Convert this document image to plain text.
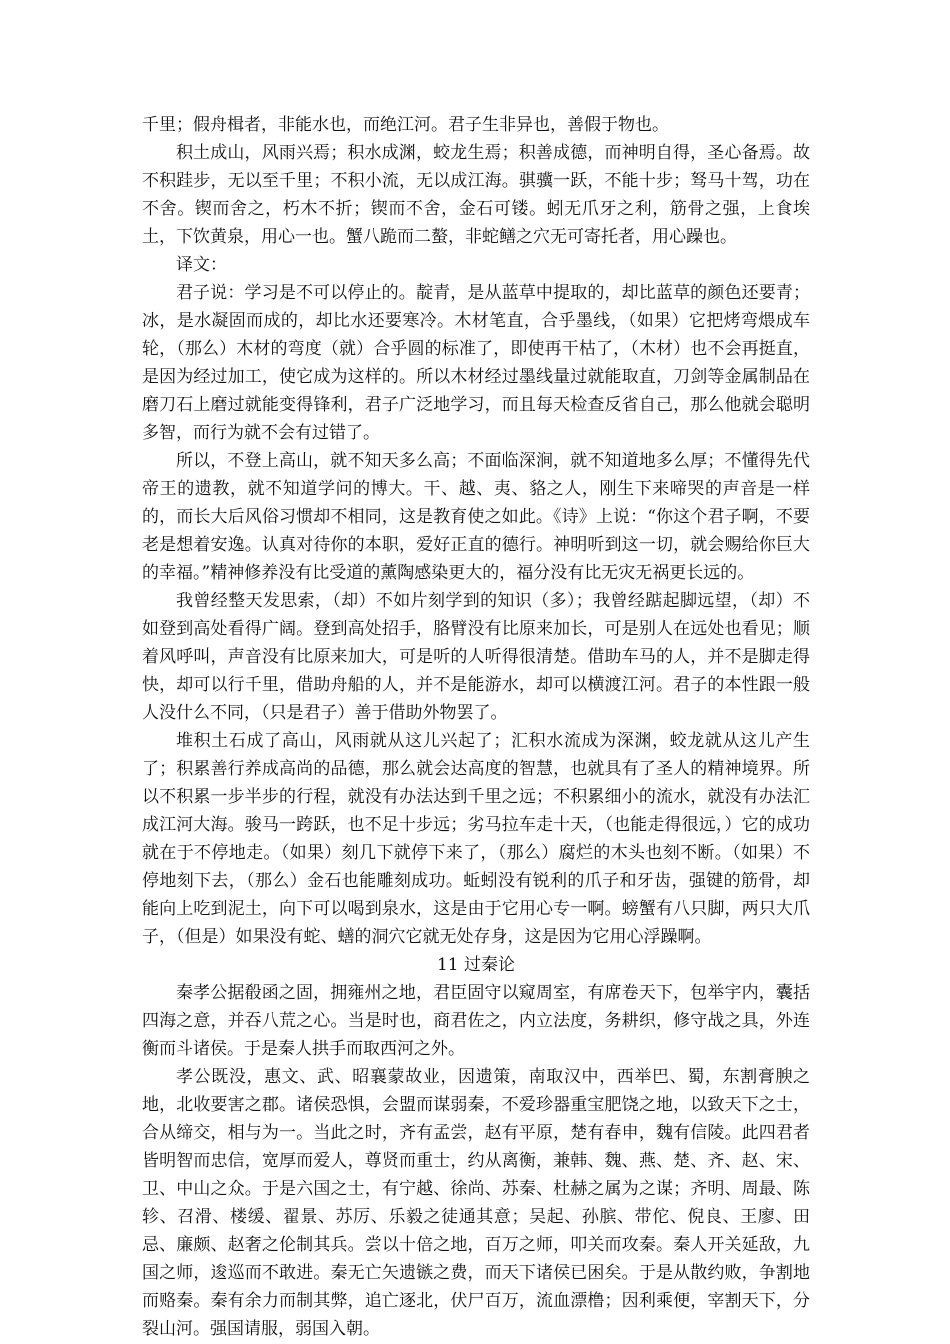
千里；假舟楫者，非能水也，而绝江河。君子生非异也，善假于物也。

积土成山，风雨兴焉；积水成渊，蛟龙生焉；积善成德，而神明自得，圣心备焉。故不积跬步，无以至千里；不积小流，无以成江海。骐骥一跃，不能十步；驽马十驾，功在不舍。锲而舍之，朽木不折；锲而不舍，金石可镂。蚓无爪牙之利，筋骨之强，上食埃土，下饮黄泉，用心一也。蟹八跪而二螯，非蛇鳝之穴无可寄托者，用心躁也。

译文：

君子说：学习是不可以停止的。靛青，是从蓝草中提取的，却比蓝草的颜色还要青；冰，是水凝固而成的，却比水还要寒冷。木材笔直，合乎墨线，（如果）它把烤弯煨成车轮，（那么）木材的弯度（就）合乎圆的标准了，即使再干枯了，（木材）也不会再挺直，是因为经过加工，使它成为这样的。所以木材经过墨线量过就能取直，刀剑等金属制品在磨刀石上磨过就能变得锋利，君子广泛地学习，而且每天检查反省自己，那么他就会聪明多智，而行为就不会有过错了。

所以，不登上高山，就不知天多么高；不面临深涧，就不知道地多么厚；不懂得先代帝王的遗教，就不知道学问的博大。干、越、夷、貉之人，刚生下来啼哭的声音是一样的，而长大后风俗习惯却不相同，这是教育使之如此。《诗》上说：“你这个君子啊，不要老是想着安逸。认真对待你的本职，爱好正直的德行。神明听到这一切，就会赐给你巨大的幸福。”精神修养没有比受道的薰陶感染更大的，福分没有比无灾无祸更长远的。

我曾经整天发思索，（却）不如片刻学到的知识（多）；我曾经踮起脚远望，（却）不如登到高处看得广阔。登到高处招手，胳臂没有比原来加长，可是别人在远处也看见；顺着风呼叫，声音没有比原来加大，可是听的人听得很清楚。借助车马的人，并不是脚走得快，却可以行千里，借助舟船的人，并不是能游水，却可以横渡江河。君子的本性跟一般人没什么不同，（只是君子）善于借助外物罢了。

堆积土石成了高山，风雨就从这儿兴起了；汇积水流成为深渊，蛟龙就从这儿产生了；积累善行养成高尚的品德，那么就会达高度的智慧，也就具有了圣人的精神境界。所以不积累一步半步的行程，就没有办法达到千里之远；不积累细小的流水，就没有办法汇成江河大海。骏马一跨跃，也不足十步远；劣马拉车走十天，（也能走得很远，）它的成功就在于不停地走。（如果）刻几下就停下来了，（那么）腐烂的木头也刻不断。（如果）不停地刻下去，（那么）金石也能雕刻成功。蚯蚓没有锐利的爪子和牙齿，强键的筋骨，却能向上吃到泥土，向下可以喝到泉水，这是由于它用心专一啊。螃蟹有八只脚，两只大爪子，（但是）如果没有蛇、蟮的洞穴它就无处存身，这是因为它用心浮躁啊。

11 过秦论

秦孝公据殽函之固，拥雍州之地，君臣固守以窥周室，有席卷天下，包举宇内，囊括四海之意，并吞八荒之心。当是时也，商君佐之，内立法度，务耕织，修守战之具，外连衡而斗诸侯。于是秦人拱手而取西河之外。

孝公既没，惠文、武、昭襄蒙故业，因遗策，南取汉中，西举巴、蜀，东割膏腴之地，北收要害之郡。诸侯恐惧，会盟而谋弱秦，不爱珍器重宝肥饶之地，以致天下之士，合从缔交，相与为一。当此之时，齐有孟尝，赵有平原，楚有春申，魏有信陵。此四君者皆明智而忠信，宽厚而爱人，尊贤而重士，约从离衡，兼韩、魏、燕、楚、齐、赵、宋、卫、中山之众。于是六国之士，有宁越、徐尚、苏秦、杜赫之属为之谋；齐明、周最、陈轸、召滑、楼缓、翟景、苏厉、乐毅之徒通其意；吴起、孙膑、带佗、倪良、王廖、田忌、廉颇、赵奢之伦制其兵。尝以十倍之地，百万之师，叩关而攻秦。秦人开关延敌，九国之师，逡巡而不敢进。秦无亡矢遗镞之费，而天下诸侯已困矣。于是从散约败，争割地而赂秦。秦有余力而制其弊，追亡逐北，伏尸百万，流血漂橹；因利乘便，宰割天下，分裂山河。强国请服，弱国入朝。
